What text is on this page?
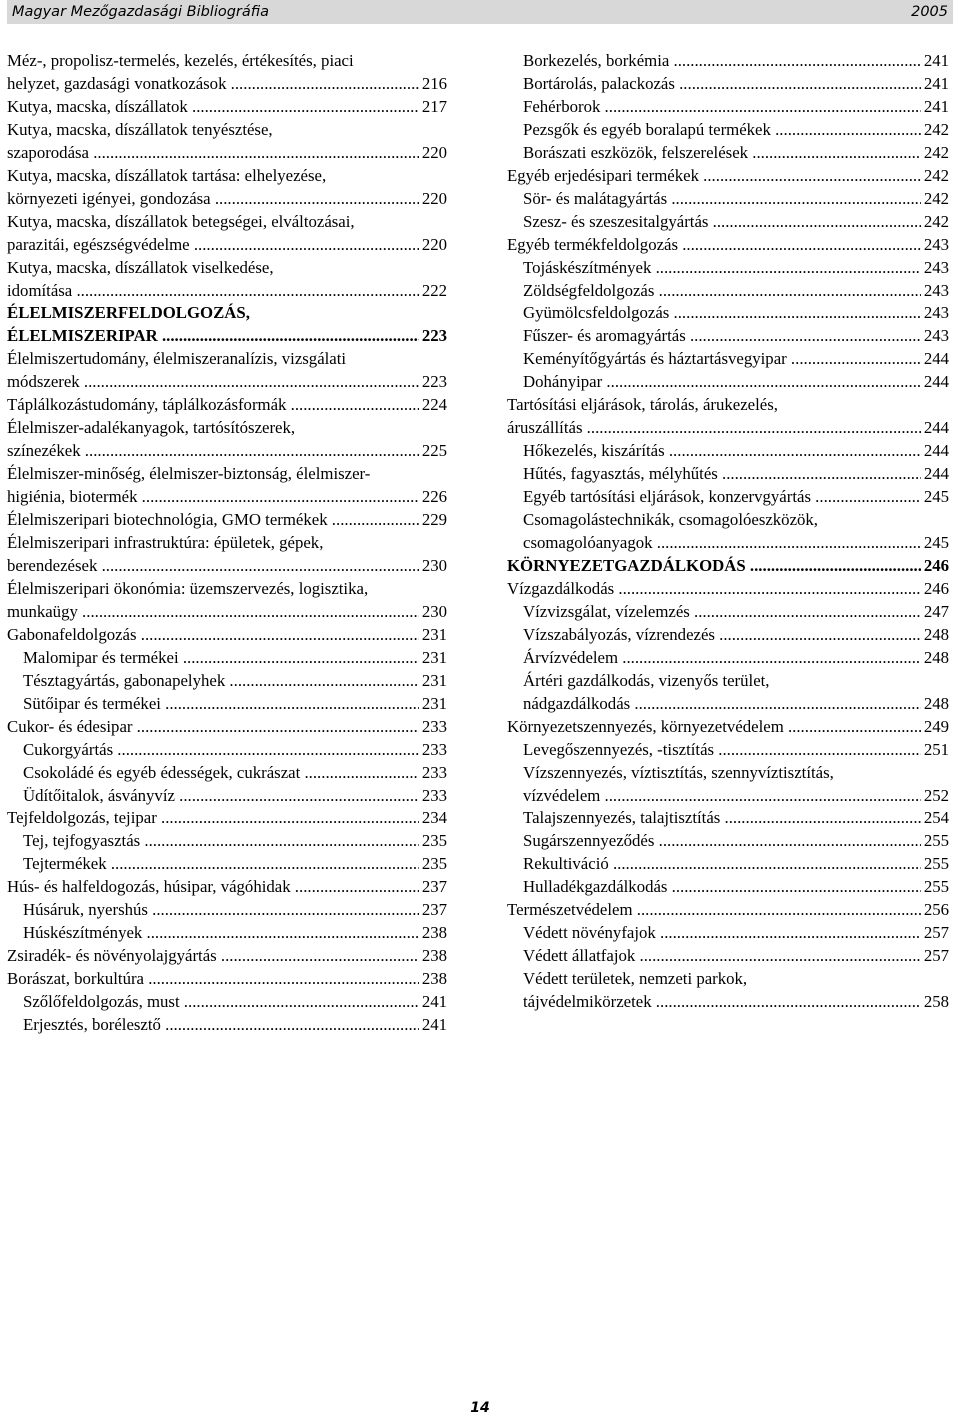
Magyar Mezőgazdasági Bibliográfia	2005
Méz-, propolisz-termelés, kezelés, értékesítés, piaci
helyzet, gazdasági vonatkozások .....	216
Kutya, macska, díszállatok .....	217
Kutya, macska, díszállatok tenyésztése,
szaporodása .....	220
Kutya, macska, díszállatok tartása: elhelyezése,
környezeti igényei, gondozása .....	220
Kutya, macska, díszállatok betegségei, elváltozásai,
parazitái, egészségvédelme .....	220
Kutya, macska, díszállatok viselkedése,
idomítása .....	222
ÉLELMISZERFELDOLGOZÁS,
ÉLELMISZERIPAR .....	223
Élelmiszertudomány, élelmiszeranalízis, vizsgálati
módszerek .....	223
Táplálkozástudomány, táplálkozásformák .....	224
Élelmiszer-adalékanyagok, tartósítószerek,
színezékek .....	225
Élelmiszer-minőség, élelmiszer-biztonság, élelmiszer-
higiénia, biotermék .....	226
Élelmiszeripari biotechnológia, GMO termékek .....	229
Élelmiszeripari infrastruktúra: épületek, gépek,
berendezések .....	230
Élelmiszeripari ökonómia: üzemszervezés, logisztika,
munkaügy .....	230
Gabonafeldolgozás .....	231
Malomipar és termékei .....	231
Tésztagyártás, gabonapelyhek .....	231
Sütőipar és termékei .....	231
Cukor- és édesipar .....	233
Cukorgyártás .....	233
Csokoládé és egyéb édességek, cukrászat .....	233
Üdítőitalok, ásványvíz .....	233
Tejfeldolgozás, tejipar .....	234
Tej, tejfogyasztás .....	235
Tejtermékek .....	235
Hús- és halfeldogozás, húsipar, vágóhidak .....	237
Húsáruk, nyershús .....	237
Húskészítmények .....	238
Zsiradék- és növényolajgyártás .....	238
Borászat, borkultúra .....	238
Szőlőfeldolgozás, must .....	241
Erjesztés, borélesztő .....	241
Borkezelés, borkémia .....	241
Bortárolás, palackozás .....	241
Fehérborok .....	241
Pezsgők és egyéb boralapú termékek .....	242
Borászati eszközök, felszerelések .....	242
Egyéb erjedésipari termékek .....	242
Sör- és malátagyártás .....	242
Szesz- és szeszesitalgyártás .....	242
Egyéb termékfeldolgozás .....	243
Tojáskészítmények .....	243
Zöldségfeldolgozás .....	243
Gyümölcsfeldolgozás .....	243
Fűszer- és aromagyártás .....	243
Keményítőgyártás és háztartásvegyipar .....	244
Dohányipar .....	244
Tartósítási eljárások, tárolás, árukezelés,
áruszállítás .....	244
Hőkezelés, kiszárítás .....	244
Hűtés, fagyasztás, mélyhűtés .....	244
Egyéb tartósítási eljárások, konzervgyártás .....	245
Csomagolástechnikák, csomagolóeszközök,
csomagolóanyagok .....	245
KÖRNYEZETGAZDÁLKODÁS .....	246
Vízgazdálkodás .....	246
Vízvizsgálat, vízelemzés .....	247
Vízszabályozás, vízrendezés .....	248
Árvízvédelem .....	248
Ártéri gazdálkodás, vizenyős terület,
nádgazdálkodás .....	248
Környezetszennyezés, környezetvédelem .....	249
Levegőszennyezés, -tisztítás .....	251
Vízszennyezés, víztisztítás, szennyvíztisztítás,
vízvédelem .....	252
Talajszennyezés, talajtisztítás .....	254
Sugárszennyeződés .....	255
Rekultiváció .....	255
Hulladékgazdálkodás .....	255
Természetvédelem .....	256
Védett növényfajok .....	257
Védett állatfajok .....	257
Védett területek, nemzeti parkok,
tájvédelmikörzetek .....	258
14
